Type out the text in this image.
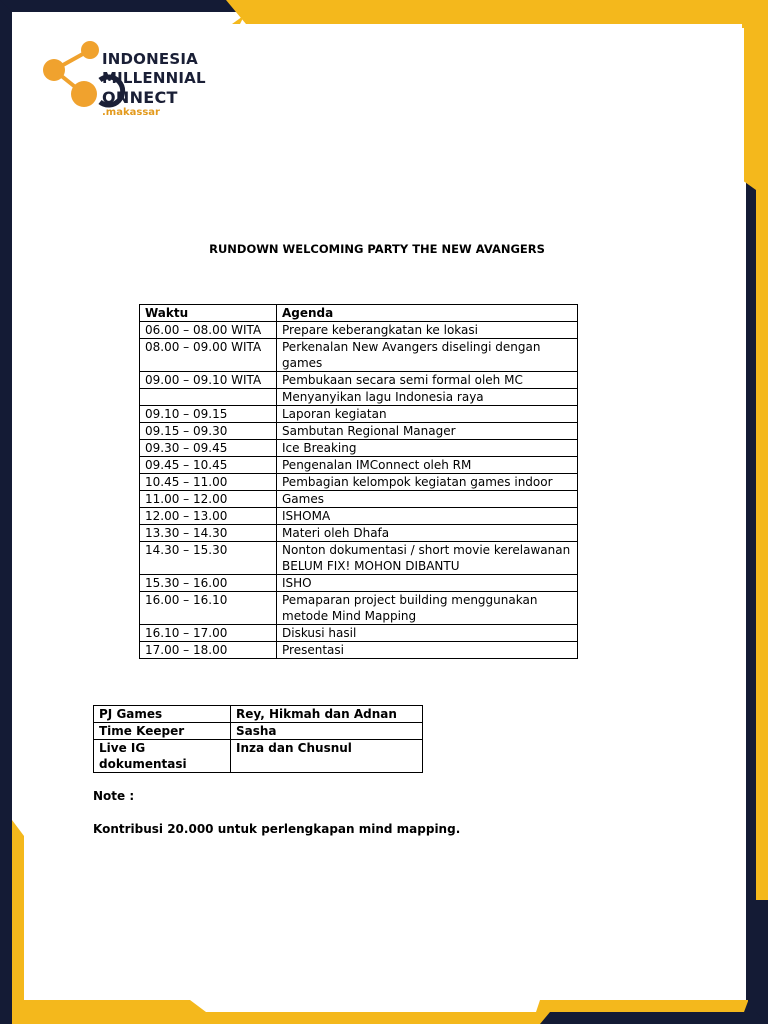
INDONESIA
MILLENNIAL
ONNECT
.makassar
RUNDOWN WELCOMING PARTY THE NEW AVANGERS
Waktu	Agenda
06.00 – 08.00 WITA	Prepare keberangkatan ke lokasi
08.00 – 09.00 WITA	Perkenalan New Avangers diselingi dengan games
09.00 – 09.10 WITA	Pembukaan secara semi formal oleh MC
	Menyanyikan lagu Indonesia raya
09.10 – 09.15	Laporan kegiatan
09.15 – 09.30	Sambutan Regional Manager
09.30 – 09.45	Ice Breaking
09.45 – 10.45	Pengenalan IMConnect oleh RM
10.45 – 11.00	Pembagian kelompok kegiatan games indoor
11.00 – 12.00	Games
12.00 – 13.00	ISHOMA
13.30 – 14.30	Materi oleh Dhafa
14.30 – 15.30	Nonton dokumentasi / short movie kerelawanan BELUM FIX! MOHON DIBANTU
15.30 – 16.00	ISHO
16.00 – 16.10	Pemaparan project building menggunakan metode Mind Mapping
16.10 – 17.00	Diskusi hasil
17.00 – 18.00	Presentasi
PJ Games	Rey, Hikmah dan Adnan
Time Keeper	Sasha
Live IG dokumentasi	Inza dan Chusnul
Note :
Kontribusi 20.000 untuk perlengkapan mind mapping.
